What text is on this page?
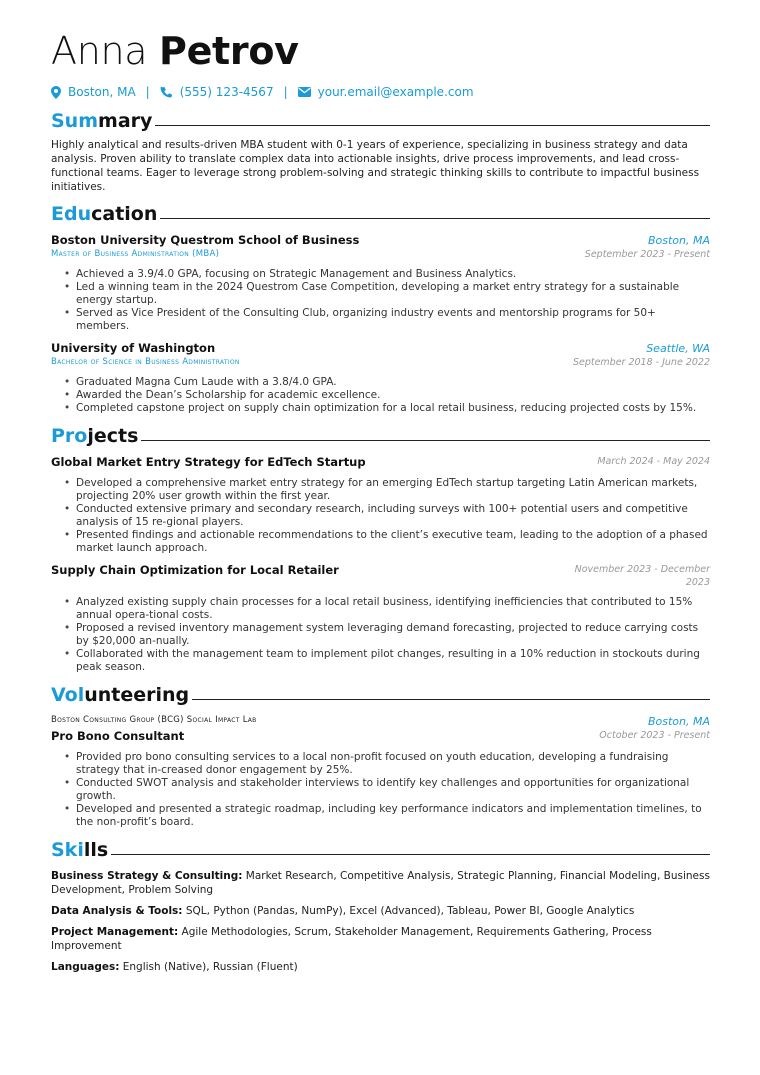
Anna Petrov
Boston, MA |	(555) 123-4567 |	your.email@example.com
Summary

Highly analytical and results-driven MBA student with 0-1 years of experience, specializing in business strategy and data analysis. Proven ability to translate complex data into actionable insights, drive process improvements, and lead cross-functional teams. Eager to leverage strong problem-solving and strategic thinking skills to contribute to impactful business initiatives.

Education
Boston University Questrom School of Business	Boston, MA
Master of Business Administration (MBA)	September 2023 - Present
• Achieved a 3.9/4.0 GPA, focusing on Strategic Management and Business Analytics.
• Led a winning team in the 2024 Questrom Case Competition, developing a market entry strategy for a sustainable energy startup.
• Served as Vice President of the Consulting Club, organizing industry events and mentorship programs for 50+ members.
University of Washington	Seattle, WA
Bachelor of Science in Business Administration	September 2018 - June 2022
• Graduated Magna Cum Laude with a 3.8/4.0 GPA.
• Awarded the Dean’s Scholarship for academic excellence.
• Completed capstone project on supply chain optimization for a local retail business, reducing projected costs by 15%.
Projects
Global Market Entry Strategy for EdTech Startup	March 2024 - May 2024
• Developed a comprehensive market entry strategy for an emerging EdTech startup targeting Latin American markets, projecting 20% user growth within the first year.
• Conducted extensive primary and secondary research, including surveys with 100+ potential users and competitive analysis of 15 re-gional players.
• Presented findings and actionable recommendations to the client’s executive team, leading to the adoption of a phased market launch approach.
Supply Chain Optimization for Local Retailer	November 2023 - December
2023
• Analyzed existing supply chain processes for a local retail business, identifying inefficiencies that contributed to 15% annual opera-tional costs.
• Proposed a revised inventory management system leveraging demand forecasting, projected to reduce carrying costs by $20,000 an-nually.
• Collaborated with the management team to implement pilot changes, resulting in a 10% reduction in stockouts during peak season.
Volunteering
Boston Consulting Group (BCG) Social Impact Lab	Boston, MA
Pro Bono Consultant	October 2023 - Present
• Provided pro bono consulting services to a local non-profit focused on youth education, developing a fundraising strategy that in-creased donor engagement by 25%.
• Conducted SWOT analysis and stakeholder interviews to identify key challenges and opportunities for organizational growth.
• Developed and presented a strategic roadmap, including key performance indicators and implementation timelines, to the non-profit’s board.
Skills

Business Strategy & Consulting: Market Research, Competitive Analysis, Strategic Planning, Financial Modeling, Business Development, Problem Solving

Data Analysis & Tools: SQL, Python (Pandas, NumPy), Excel (Advanced), Tableau, Power BI, Google Analytics

Project Management: Agile Methodologies, Scrum, Stakeholder Management, Requirements Gathering, Process Improvement

Languages: English (Native), Russian (Fluent)
